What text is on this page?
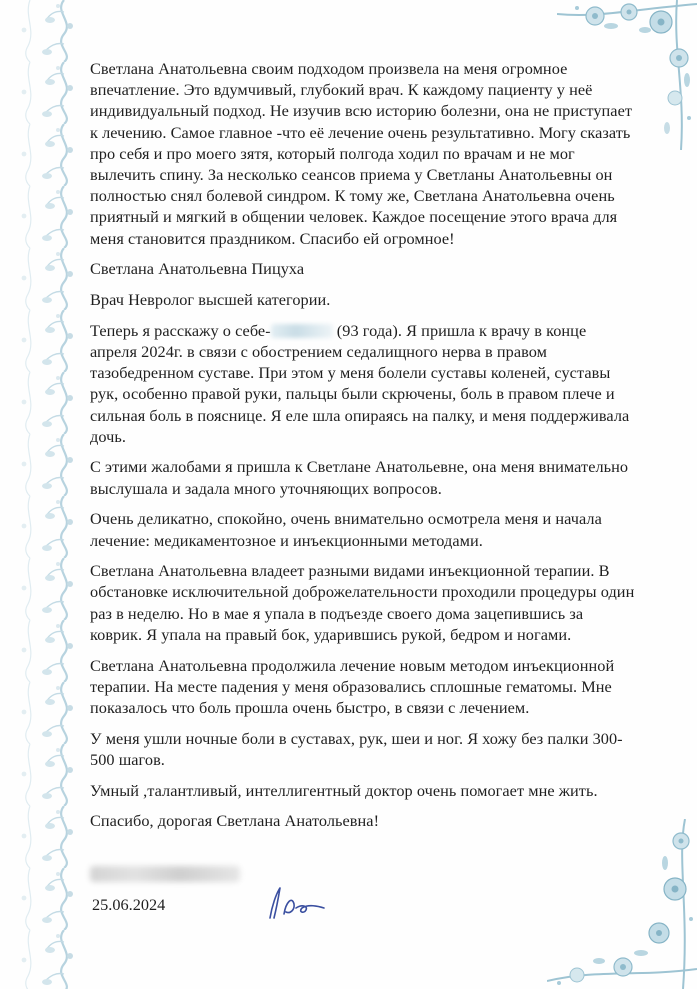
Светлана Анатольевна своим подходом произвела на меня огромное
впечатление. Это вдумчивый, глубокий врач. К каждому пациенту у неё
индивидуальный подход. Не изучив всю историю болезни, она не приступает
к лечению. Самое главное -что её лечение очень результативно. Могу сказать
про себя и про моего зятя, который полгода ходил по врачам и не мог
вылечить спину. За несколько сеансов приема у Светланы Анатольевны он
полностью снял болевой синдром. К тому же, Светлана Анатольевна очень
приятный и мягкий в общении человек. Каждое посещение этого врача для
меня становится праздником. Спасибо ей огромное!

Светлана Анатольевна Пицуха

Врач Невролог высшей категории.

Теперь я расскажу о себе-	(93 года). Я пришла к врачу в конце
апреля 2024г. в связи с обострением седалищного нерва в правом
тазобедренном суставе. При этом у меня болели суставы коленей, суставы
рук, особенно правой руки, пальцы были скрючены, боль в правом плече и
сильная боль в пояснице. Я еле шла опираясь на палку, и меня поддерживала
дочь.

С этими жалобами я пришла к Светлане Анатольевне, она меня внимательно
выслушала и задала много уточняющих вопросов.

Очень деликатно, спокойно, очень внимательно осмотрела меня и начала
лечение: медикаментозное и инъекционными методами.

Светлана Анатольевна владеет разными видами инъекционной терапии. В
обстановке исключительной доброжелательности проходили процедуры один
раз в неделю. Но в мае я упала в подъезде своего дома зацепившись за
коврик. Я упала на правый бок, ударившись рукой, бедром и ногами.

Светлана Анатольевна продолжила лечение новым методом инъекционной
терапии. На месте падения у меня образовались сплошные гематомы. Мне
показалось что боль прошла очень быстро, в связи с лечением.

У меня ушли ночные боли в суставах, рук, шеи и ног. Я хожу без палки 300-
500 шагов.

Умный ,талантливый, интеллигентный доктор очень помогает мне жить.

Спасибо, дорогая Светлана Анатольевна!

25.06.2024
